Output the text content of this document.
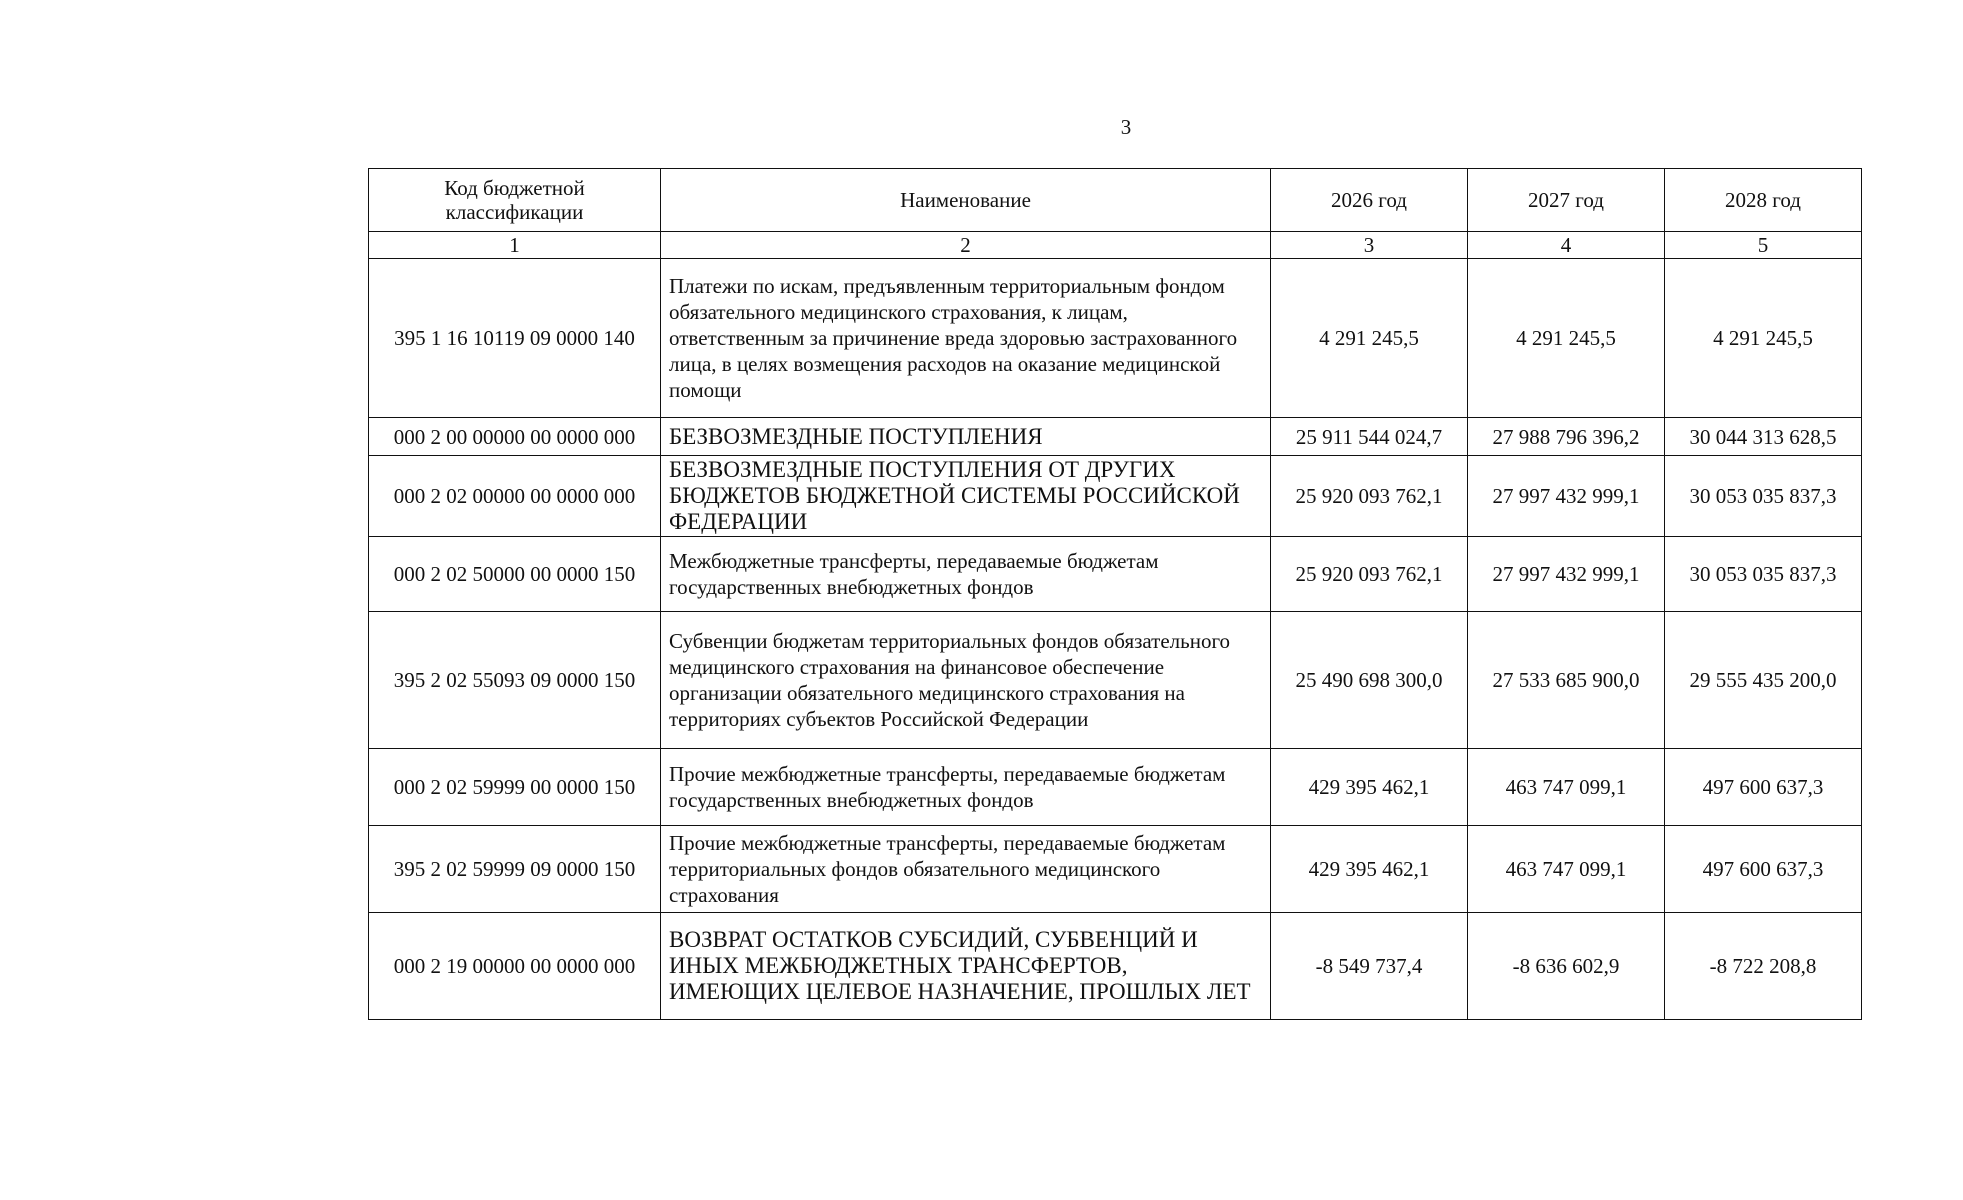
3
Код бюджетной классификации	Наименование	2026 год	2027 год	2028 год
1	2	3	4	5
395 1 16 10119 09 0000 140	Платежи по искам, предъявленным территориальным фондом обязательного медицинского страхования, к лицам, ответственным за причинение вреда здоровью застрахованного лица, в целях возмещения расходов на оказание медицинской помощи	4 291 245,5	4 291 245,5	4 291 245,5
000 2 00 00000 00 0000 000	БЕЗВОЗМЕЗДНЫЕ ПОСТУПЛЕНИЯ	25 911 544 024,7	27 988 796 396,2	30 044 313 628,5
000 2 02 00000 00 0000 000	БЕЗВОЗМЕЗДНЫЕ ПОСТУПЛЕНИЯ ОТ ДРУГИХ БЮДЖЕТОВ БЮДЖЕТНОЙ СИСТЕМЫ РОССИЙСКОЙ ФЕДЕРАЦИИ	25 920 093 762,1	27 997 432 999,1	30 053 035 837,3
000 2 02 50000 00 0000 150	Межбюджетные трансферты, передаваемые бюджетам государственных внебюджетных фондов	25 920 093 762,1	27 997 432 999,1	30 053 035 837,3
395 2 02 55093 09 0000 150	Субвенции бюджетам территориальных фондов обязательного медицинского страхования на финансовое обеспечение организации обязательного медицинского страхования на территориях субъектов Российской Федерации	25 490 698 300,0	27 533 685 900,0	29 555 435 200,0
000 2 02 59999 00 0000 150	Прочие межбюджетные трансферты, передаваемые бюджетам государственных внебюджетных фондов	429 395 462,1	463 747 099,1	497 600 637,3
395 2 02 59999 09 0000 150	Прочие межбюджетные трансферты, передаваемые бюджетам территориальных фондов обязательного медицинского страхования	429 395 462,1	463 747 099,1	497 600 637,3
000 2 19 00000 00 0000 000	ВОЗВРАТ ОСТАТКОВ СУБСИДИЙ, СУБВЕНЦИЙ И ИНЫХ МЕЖБЮДЖЕТНЫХ ТРАНСФЕРТОВ, ИМЕЮЩИХ ЦЕЛЕВОЕ НАЗНАЧЕНИЕ, ПРОШЛЫХ ЛЕТ	-8 549 737,4	-8 636 602,9	-8 722 208,8
